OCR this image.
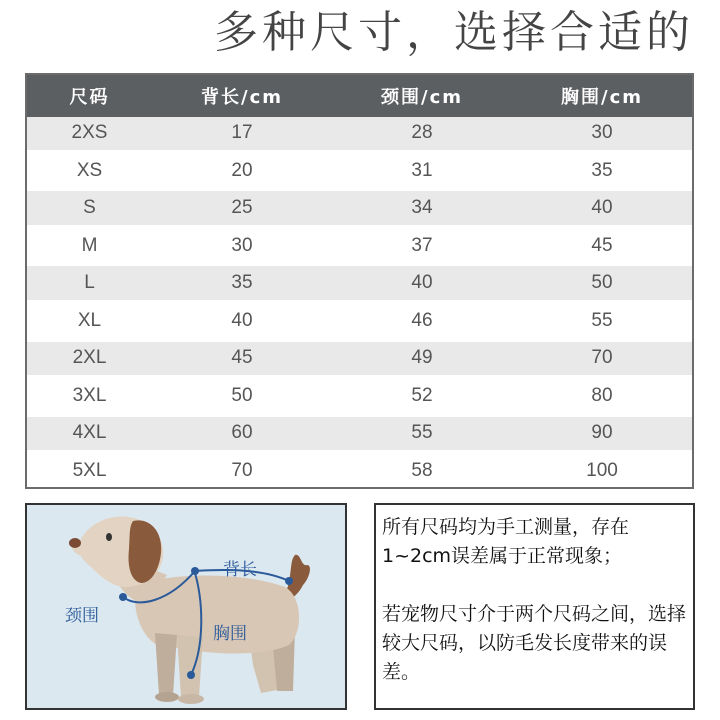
多种尺寸，选择合适的
尺码	背长/cm	颈围/cm	胸围/cm
2XS	17	28	30
XS	20	31	35
S	25	34	40
M	30	37	45
L	35	40	50
XL	40	46	55
2XL	45	49	70
3XL	50	52	80
4XL	60	55	90
5XL	70	58	100
背长
颈围
胸围

所有尺码均为手工测量，存在1~2cm误差属于正常现象；

若宠物尺寸介于两个尺码之间，选择较大尺码，以防毛发长度带来的误差。
